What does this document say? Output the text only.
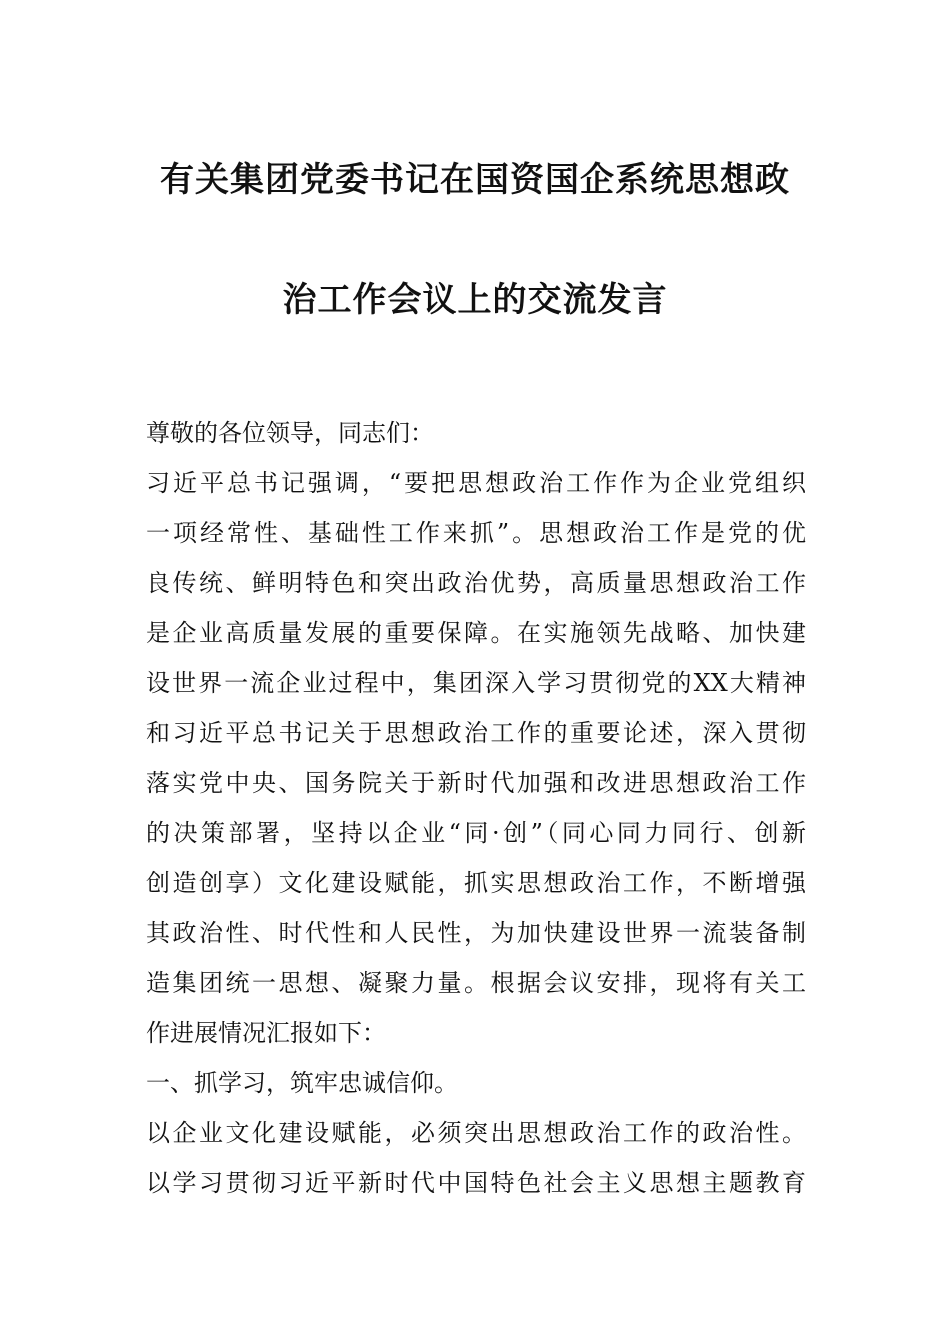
有关集团党委书记在国资国企系统思想政
治工作会议上的交流发言
尊敬的各位领导，同志们：
习近平总书记强调，“要把思想政治工作作为企业党组织
一项经常性、基础性工作来抓”。思想政治工作是党的优
良传统、鲜明特色和突出政治优势，高质量思想政治工作
是企业高质量发展的重要保障。在实施领先战略、加快建
设世界一流企业过程中，集团深入学习贯彻党的XX大精神
和习近平总书记关于思想政治工作的重要论述，深入贯彻
落实党中央、国务院关于新时代加强和改进思想政治工作
的决策部署，坚持以企业“同·创”（同心同力同行、创新
创造创享）文化建设赋能，抓实思想政治工作，不断增强
其政治性、时代性和人民性，为加快建设世界一流装备制
造集团统一思想、凝聚力量。根据会议安排，现将有关工
作进展情况汇报如下：
一、抓学习，筑牢忠诚信仰。
以企业文化建设赋能，必须突出思想政治工作的政治性。
以学习贯彻习近平新时代中国特色社会主义思想主题教育
